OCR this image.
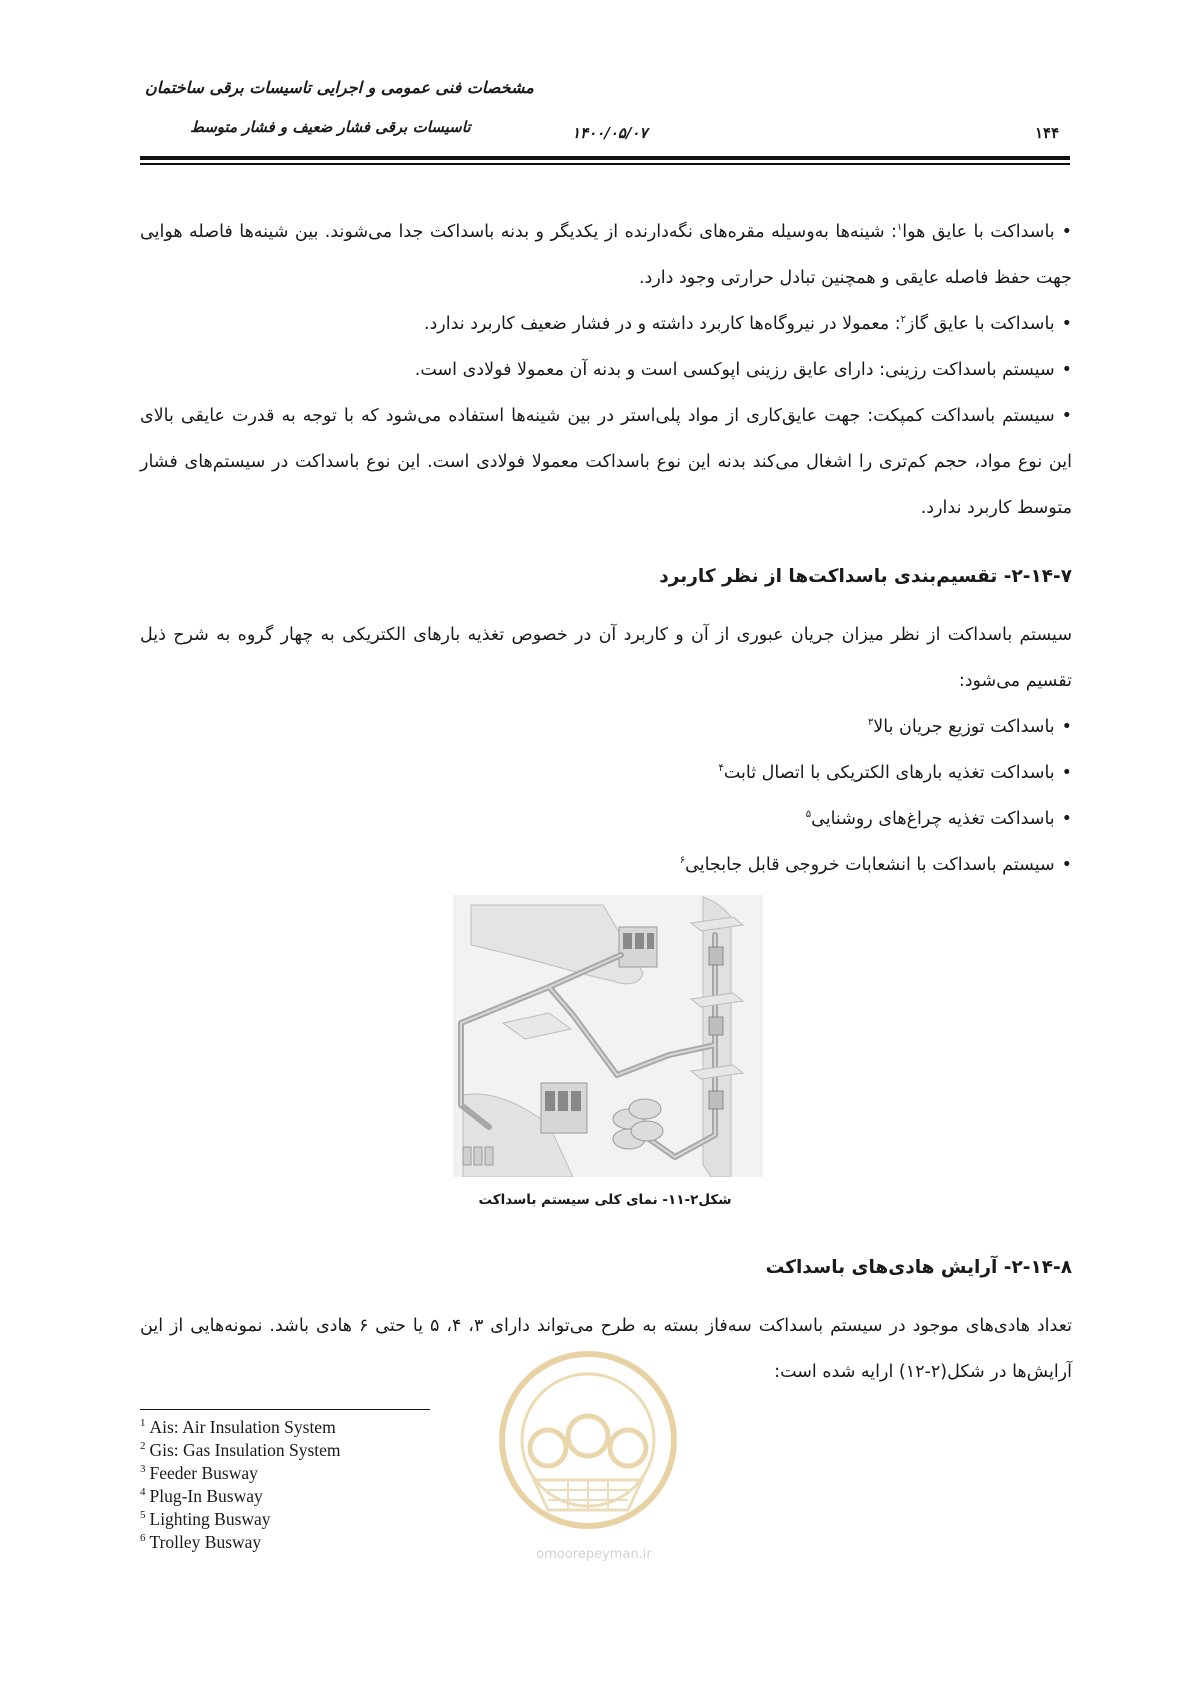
مشخصات فنی عمومی و اجرایی تاسیسات برقی ساختمان
تاسیسات برقی فشار ضعیف و فشار متوسط	۱۴۰۰/۰۵/۰۷	۱۴۴

• باسداکت با عایق هوا$^۱$: شینه‌ها به‌وسیله مقره‌های نگه‌دارنده از یکدیگر و بدنه باسداکت جدا می‌شوند. بین شینه‌ها فاصله هوایی جهت حفظ فاصله عایقی و همچنین تبادل حرارتی وجود دارد.

• باسداکت با عایق گاز$^۲$: معمولا در نیروگاه‌ها کاربرد داشته و در فشار ضعیف کاربرد ندارد.

• سیستم باسداکت رزینی: دارای عایق رزینی اپوکسی است و بدنه آن معمولا فولادی است.

• سیستم باسداکت کمپکت: جهت عایق‌کاری از مواد پلی‌استر در بین شینه‌ها استفاده می‌شود که با توجه به قدرت عایقی بالای این نوع مواد، حجم کم‌تری را اشغال می‌کند بدنه این نوع باسداکت معمولا فولادی است. این نوع باسداکت در سیستم‌های فشار متوسط کاربرد ندارد.

۲-۱۴-۷- تقسیم‌بندی باسداکت‌ها از نظر کاربرد

سیستم باسداکت از نظر میزان جریان عبوری از آن و کاربرد آن در خصوص تغذیه بارهای الکتریکی به چهار گروه به شرح ذیل تقسیم می‌شود:

• باسداکت توزیع جریان بالا$^۳$

• باسداکت تغذیه بارهای الکتریکی با اتصال ثابت$^۴$

• باسداکت تغذیه چراغ‌های روشنایی$^۵$

• سیستم باسداکت با انشعابات خروجی قابل جابجایی$^۶$

شکل۲-۱۱- نمای کلی سیستم باسداکت
۲-۱۴-۸- آرایش هادی‌های باسداکت

تعداد هادی‌های موجود در سیستم باسداکت سه‌فاز بسته به طرح می‌تواند دارای ۳، ۴، ۵ یا حتی ۶ هادی باشد. نمونه‌هایی از این آرایش‌ها در شکل(۲-۱۲) ارایه شده است:

omoorepeyman.ir
$^1$ Ais: Air Insulation System
$^2$ Gis: Gas Insulation System
$^3$ Feeder Busway
$^4$ Plug-In Busway
$^5$ Lighting Busway
$^6$ Trolley Busway
